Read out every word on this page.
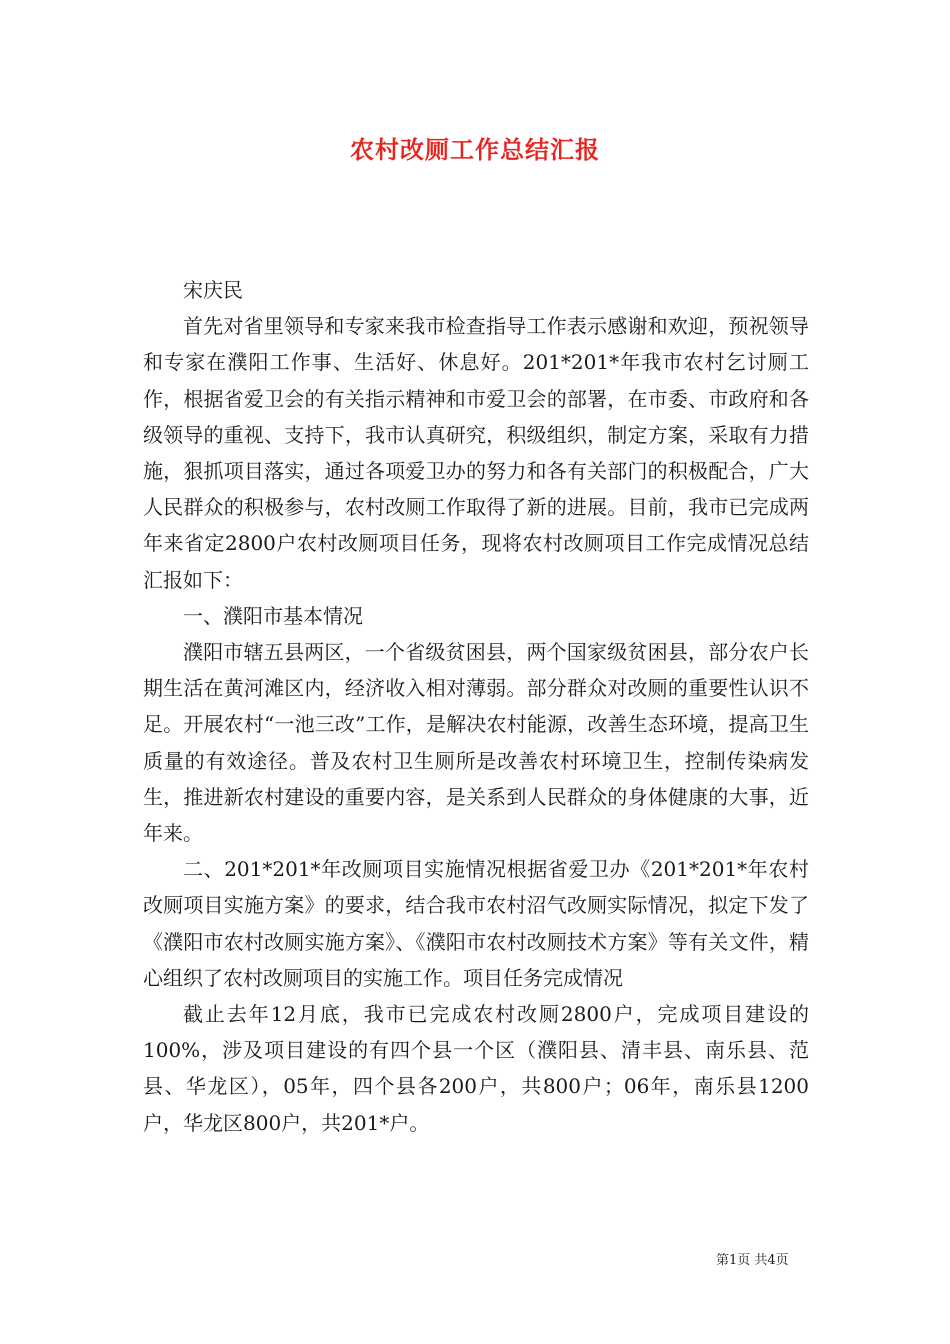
农村改厕工作总结汇报

宋庆民

首先对省里领导和专家来我市检查指导工作表示感谢和欢迎，预祝领导和专家在濮阳工作事、生活好、休息好。201*201*年我市农村乞讨厕工作，根据省爱卫会的有关指示精神和市爱卫会的部署，在市委、市政府和各级领导的重视、支持下，我市认真研究，积级组织，制定方案，采取有力措施，狠抓项目落实，通过各项爱卫办的努力和各有关部门的积极配合，广大人民群众的积极参与，农村改厕工作取得了新的进展。目前，我市已完成两年来省定2800户农村改厕项目任务，现将农村改厕项目工作完成情况总结汇报如下：

一、濮阳市基本情况

濮阳市辖五县两区，一个省级贫困县，两个国家级贫困县，部分农户长期生活在黄河滩区内，经济收入相对薄弱。部分群众对改厕的重要性认识不足。开展农村“一池三改”工作，是解决农村能源，改善生态环境，提高卫生质量的有效途径。普及农村卫生厕所是改善农村环境卫生，控制传染病发生，推进新农村建设的重要内容，是关系到人民群众的身体健康的大事，近年来。

二、201*201*年改厕项目实施情况根据省爱卫办《201*201*年农村改厕项目实施方案》的要求，结合我市农村沼气改厕实际情况，拟定下发了《濮阳市农村改厕实施方案》、《濮阳市农村改厕技术方案》等有关文件，精心组织了农村改厕项目的实施工作。项目任务完成情况

截止去年12月底，我市已完成农村改厕2800户，完成项目建设的100%，涉及项目建设的有四个县一个区（濮阳县、清丰县、南乐县、范县、华龙区），05年，四个县各200户，共800户；06年，南乐县1200户，华龙区800户，共201*户。

第1页 共4页
